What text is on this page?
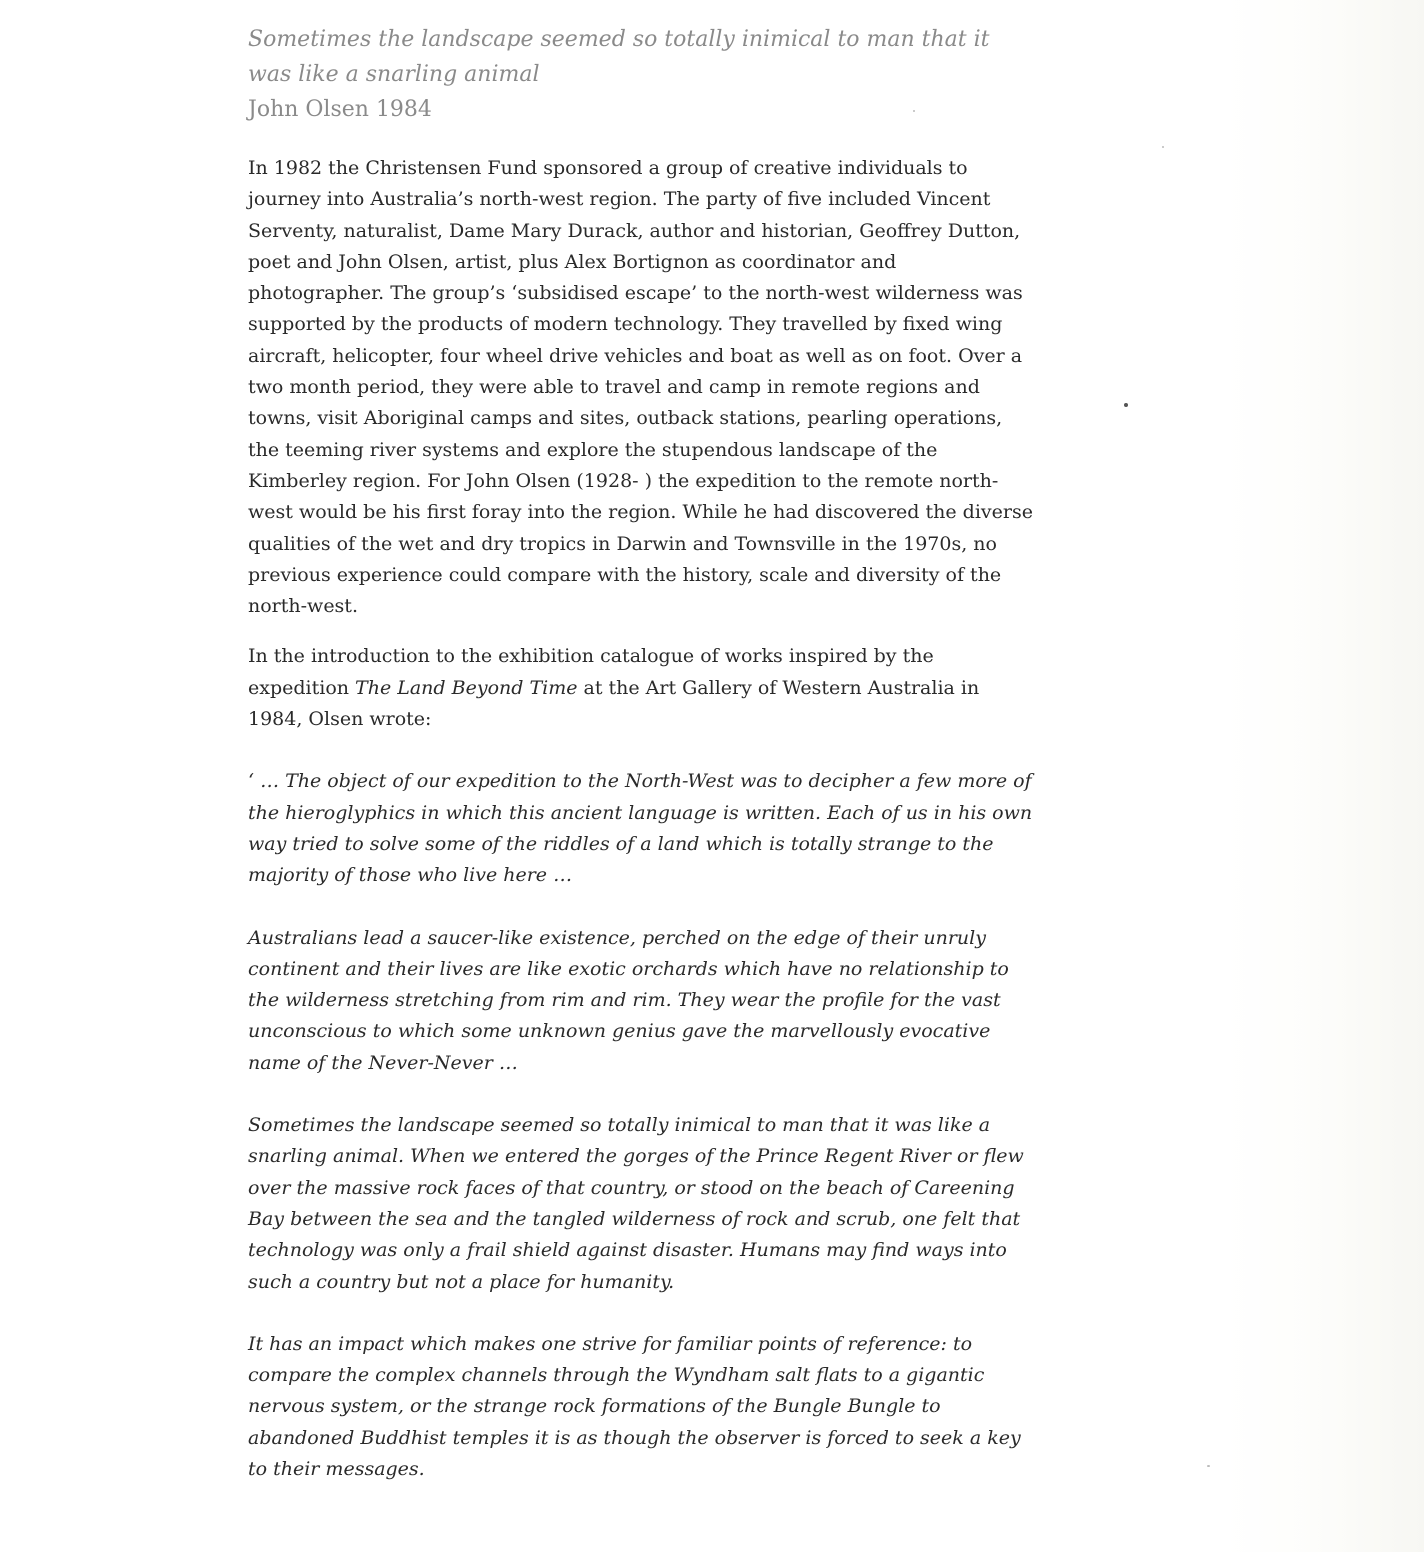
Sometimes the landscape seemed so totally inimical to man that it was like a snarling animal
John Olsen 1984

In 1982 the Christensen Fund sponsored a group of creative individuals to journey into Australia’s north-west region. The party of five included Vincent Serventy, naturalist, Dame Mary Durack, author and historian, Geoffrey Dutton, poet and John Olsen, artist, plus Alex Bortignon as coordinator and photographer. The group’s ‘subsidised escape’ to the north-west wilderness was supported by the products of modern technology. They travelled by fixed wing aircraft, helicopter, four wheel drive vehicles and boat as well as on foot. Over a two month period, they were able to travel and camp in remote regions and towns, visit Aboriginal camps and sites, outback stations, pearling operations, the teeming river systems and explore the stupendous landscape of the Kimberley region. For John Olsen (1928- ) the expedition to the remote north-west would be his first foray into the region. While he had discovered the diverse qualities of the wet and dry tropics in Darwin and Townsville in the 1970s, no previous experience could compare with the history, scale and diversity of the north-west.

In the introduction to the exhibition catalogue of works inspired by the expedition The Land Beyond Time at the Art Gallery of Western Australia in 1984, Olsen wrote:

‘ … The object of our expedition to the North-West was to decipher a few more of the hieroglyphics in which this ancient language is written. Each of us in his own way tried to solve some of the riddles of a land which is totally strange to the majority of those who live here …

Australians lead a saucer-like existence, perched on the edge of their unruly continent and their lives are like exotic orchards which have no relationship to the wilderness stretching from rim and rim. They wear the profile for the vast unconscious to which some unknown genius gave the marvellously evocative name of the Never-Never …

Sometimes the landscape seemed so totally inimical to man that it was like a snarling animal. When we entered the gorges of the Prince Regent River or flew over the massive rock faces of that country, or stood on the beach of Careening Bay between the sea and the tangled wilderness of rock and scrub, one felt that technology was only a frail shield against disaster. Humans may find ways into such a country but not a place for humanity.

It has an impact which makes one strive for familiar points of reference: to compare the complex channels through the Wyndham salt flats to a gigantic nervous system, or the strange rock formations of the Bungle Bungle to abandoned Buddhist temples it is as though the observer is forced to seek a key to their messages.
